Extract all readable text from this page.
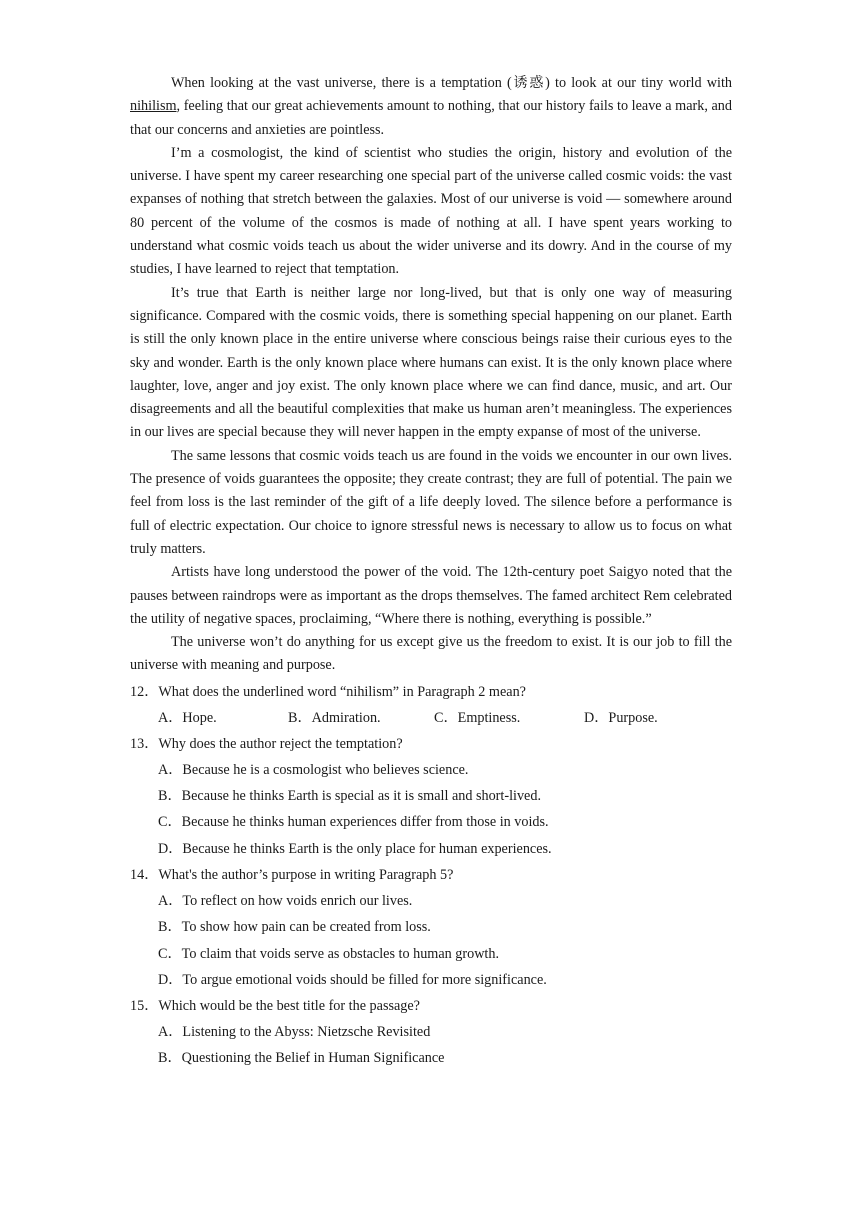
When looking at the vast universe, there is a temptation (诱惑) to look at our tiny world with nihilism, feeling that our great achievements amount to nothing, that our history fails to leave a mark, and that our concerns and anxieties are pointless.

I’m a cosmologist, the kind of scientist who studies the origin, history and evolution of the universe. I have spent my career researching one special part of the universe called cosmic voids: the vast expanses of nothing that stretch between the galaxies. Most of our universe is void — somewhere around 80 percent of the volume of the cosmos is made of nothing at all. I have spent years working to understand what cosmic voids teach us about the wider universe and its dowry. And in the course of my studies, I have learned to reject that temptation.

It’s true that Earth is neither large nor long-lived, but that is only one way of measuring significance. Compared with the cosmic voids, there is something special happening on our planet. Earth is still the only known place in the entire universe where conscious beings raise their curious eyes to the sky and wonder. Earth is the only known place where humans can exist. It is the only known place where laughter, love, anger and joy exist. The only known place where we can find dance, music, and art. Our disagreements and all the beautiful complexities that make us human aren’t meaningless. The experiences in our lives are special because they will never happen in the empty expanse of most of the universe.

The same lessons that cosmic voids teach us are found in the voids we encounter in our own lives. The presence of voids guarantees the opposite; they create contrast; they are full of potential. The pain we feel from loss is the last reminder of the gift of a life deeply loved. The silence before a performance is full of electric expectation. Our choice to ignore stressful news is necessary to allow us to focus on what truly matters.

Artists have long understood the power of the void. The 12th-century poet Saigyo noted that the pauses between raindrops were as important as the drops themselves. The famed architect Rem celebrated the utility of negative spaces, proclaiming, “Where there is nothing, everything is possible.”

The universe won’t do anything for us except give us the freedom to exist. It is our job to fill the universe with meaning and purpose.

12．What does the underlined word “nihilism” in Paragraph 2 mean?

A．Hope.	B．Admiration.	C．Emptiness.	D．Purpose.

13．Why does the author reject the temptation?

A．Because he is a cosmologist who believes science.

B．Because he thinks Earth is special as it is small and short-lived.

C．Because he thinks human experiences differ from those in voids.

D．Because he thinks Earth is the only place for human experiences.

14．What's the author’s purpose in writing Paragraph 5?

A．To reflect on how voids enrich our lives.

B．To show how pain can be created from loss.

C．To claim that voids serve as obstacles to human growth.

D．To argue emotional voids should be filled for more significance.

15．Which would be the best title for the passage?

A．Listening to the Abyss: Nietzsche Revisited

B．Questioning the Belief in Human Significance
